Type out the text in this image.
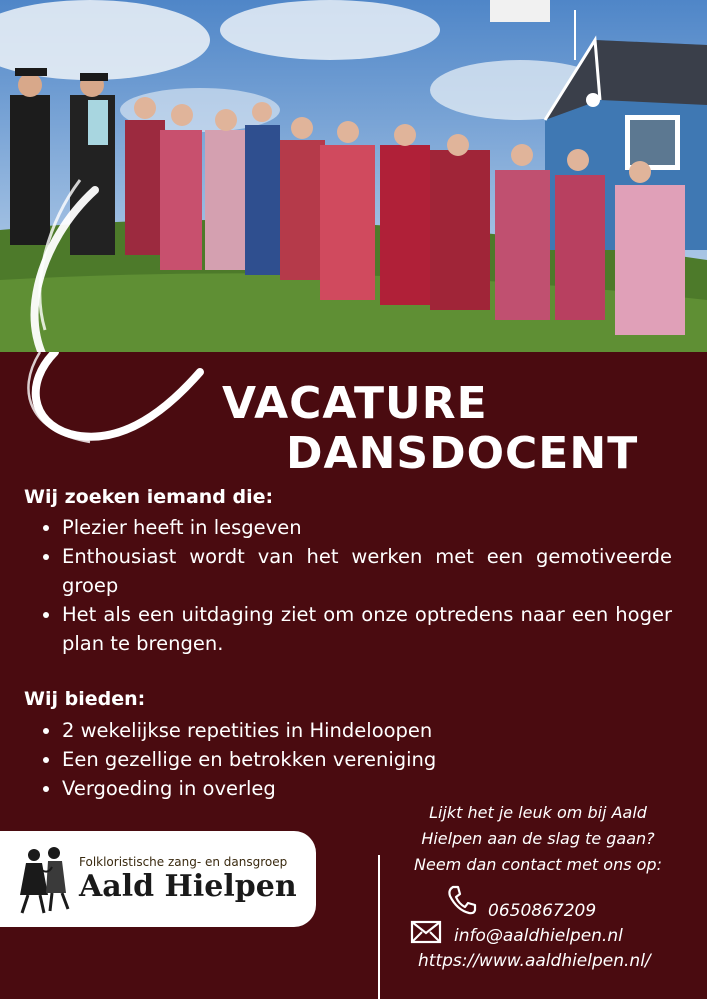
VACATURE
DANSDOCENT
Wij zoeken iemand die:
Plezier heeft in lesgeven
Enthousiast wordt van het werken met een gemotiveerde groep
Het als een uitdaging ziet om onze optredens naar een hoger plan te brengen.
Wij bieden:
2 wekelijkse repetities in Hindeloopen
Een gezellige en betrokken vereniging
Vergoeding in overleg
Folkloristische zang- en dansgroep
Aald Hielpen
Lijkt het je leuk om bij Aald
Hielpen aan de slag te gaan?
Neem dan contact met ons op:
0650867209
info@aaldhielpen.nl
https://www.aaldhielpen.nl/
